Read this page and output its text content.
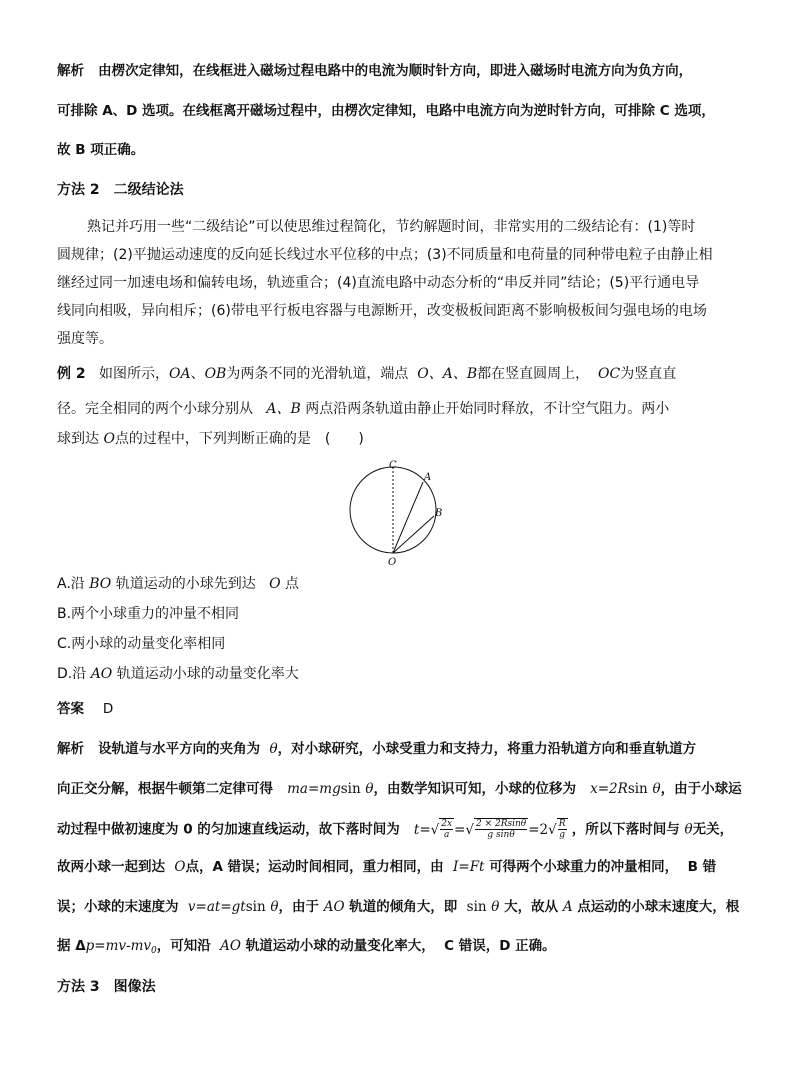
解析 由楞次定律知，在线框进入磁场过程电路中的电流为顺时针方向，即进入磁场时电流方向为负方向，
可排除 A、D 选项。在线框离开磁场过程中，由楞次定律知，电路中电流方向为逆时针方向，可排除 C 选项，
故 B 项正确。
方法 2　二级结论法
熟记并巧用一些“二级结论”可以使思维过程简化，节约解题时间，非常实用的二级结论有：(1)等时
圆规律；(2)平抛运动速度的反向延长线过水平位移的中点；(3)不同质量和电荷量的同种带电粒子由静止相
继经过同一加速电场和偏转电场，轨迹重合；(4)直流电路中动态分析的“串反并同”结论；(5)平行通电导
线同向相吸，异向相斥；(6)带电平行板电容器与电源断开，改变极板间距离不影响极板间匀强电场的电场
强度等。
例 2 如图所示，OA、OB为两条不同的光滑轨道，端点 O、A、B都在竖直圆周上， OC为竖直直
径。完全相同的两个小球分别从 A、B 两点沿两条轨道由静止开始同时释放，不计空气阻力。两小
球到达 O点的过程中，下列判断正确的是　(　　)
C
A
B
O
A.沿 BO 轨道运动的小球先到达 O 点
B.两个小球重力的冲量不相同
C.两小球的动量变化率相同
D.沿 AO 轨道运动小球的动量变化率大
答案 D
解析 设轨道与水平方向的夹角为 θ，对小球研究，小球受重力和支持力，将重力沿轨道方向和垂直轨道方
向正交分解，根据牛顿第二定律可得 ma=mgsin θ，由数学知识可知，小球的位移为 x=2Rsin θ，由于小球运
动过程中做初速度为 0 的匀加速直线运动，故下落时间为 $t=√ \frac{2x}{a}$ =√ $\frac{2 \times 2Rsin\theta}{\text{g sinθ}} =2√ \frac{R}{g}$ ，所以下落时间与 θ无关，
故两小球一起到达 O点，A 错误；运动时间相同，重力相同，由 I=Ft 可得两个小球重力的冲量相同， B 错
误；小球的末速度为 v=at=gtsin θ，由于 AO 轨道的倾角大，即 sin θ 大，故从 A 点运动的小球末速度大，根
据 $\Delta p=mv-mv_0$，可知沿 AO 轨道运动小球的动量变化率大， C 错误，D 正确。
方法 3　图像法
